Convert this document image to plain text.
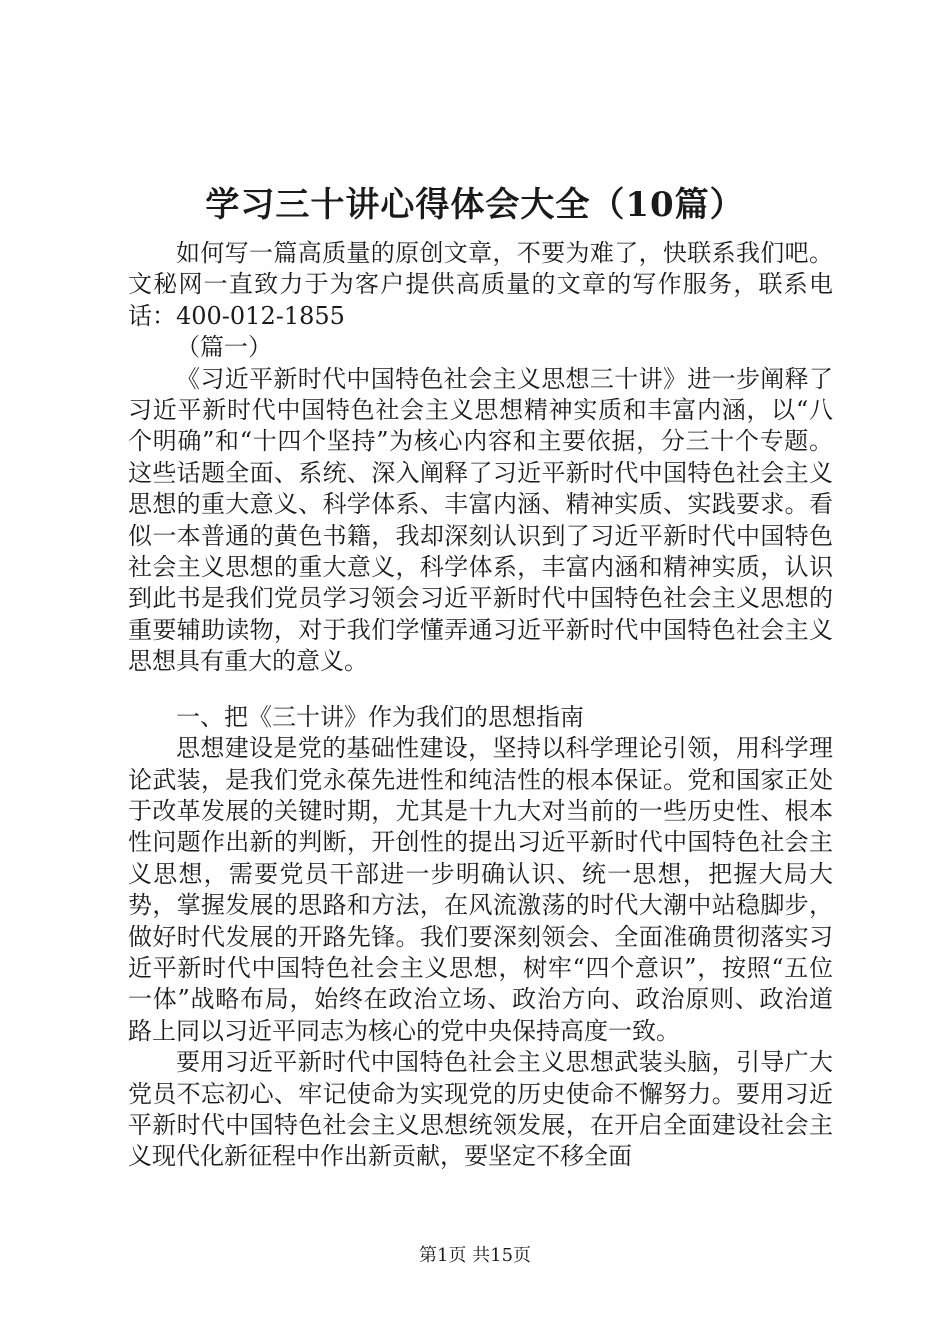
学习三十讲心得体会大全（10篇）

如何写一篇高质量的原创文章，不要为难了，快联系我们吧。文秘网一直致力于为客户提供高质量的文章的写作服务，联系电话：400-012-1855

（篇一）

《习近平新时代中国特色社会主义思想三十讲》进一步阐释了习近平新时代中国特色社会主义思想精神实质和丰富内涵，以“八个明确”和“十四个坚持”为核心内容和主要依据，分三十个专题。这些话题全面、系统、深入阐释了习近平新时代中国特色社会主义思想的重大意义、科学体系、丰富内涵、精神实质、实践要求。看似一本普通的黄色书籍，我却深刻认识到了习近平新时代中国特色社会主义思想的重大意义，科学体系，丰富内涵和精神实质，认识到此书是我们党员学习领会习近平新时代中国特色社会主义思想的重要辅助读物，对于我们学懂弄通习近平新时代中国特色社会主义思想具有重大的意义。

一、把《三十讲》作为我们的思想指南

思想建设是党的基础性建设，坚持以科学理论引领，用科学理论武装，是我们党永葆先进性和纯洁性的根本保证。党和国家正处于改革发展的关键时期，尤其是十九大对当前的一些历史性、根本性问题作出新的判断，开创性的提出习近平新时代中国特色社会主义思想，需要党员干部进一步明确认识、统一思想，把握大局大势，掌握发展的思路和方法，在风流激荡的时代大潮中站稳脚步，做好时代发展的开路先锋。我们要深刻领会、全面准确贯彻落实习近平新时代中国特色社会主义思想，树牢“四个意识”，按照“五位一体”战略布局，始终在政治立场、政治方向、政治原则、政治道路上同以习近平同志为核心的党中央保持高度一致。

要用习近平新时代中国特色社会主义思想武装头脑，引导广大党员不忘初心、牢记使命为实现党的历史使命不懈努力。要用习近平新时代中国特色社会主义思想统领发展，在开启全面建设社会主义现代化新征程中作出新贡献，要坚定不移全面

第1页 共15页
